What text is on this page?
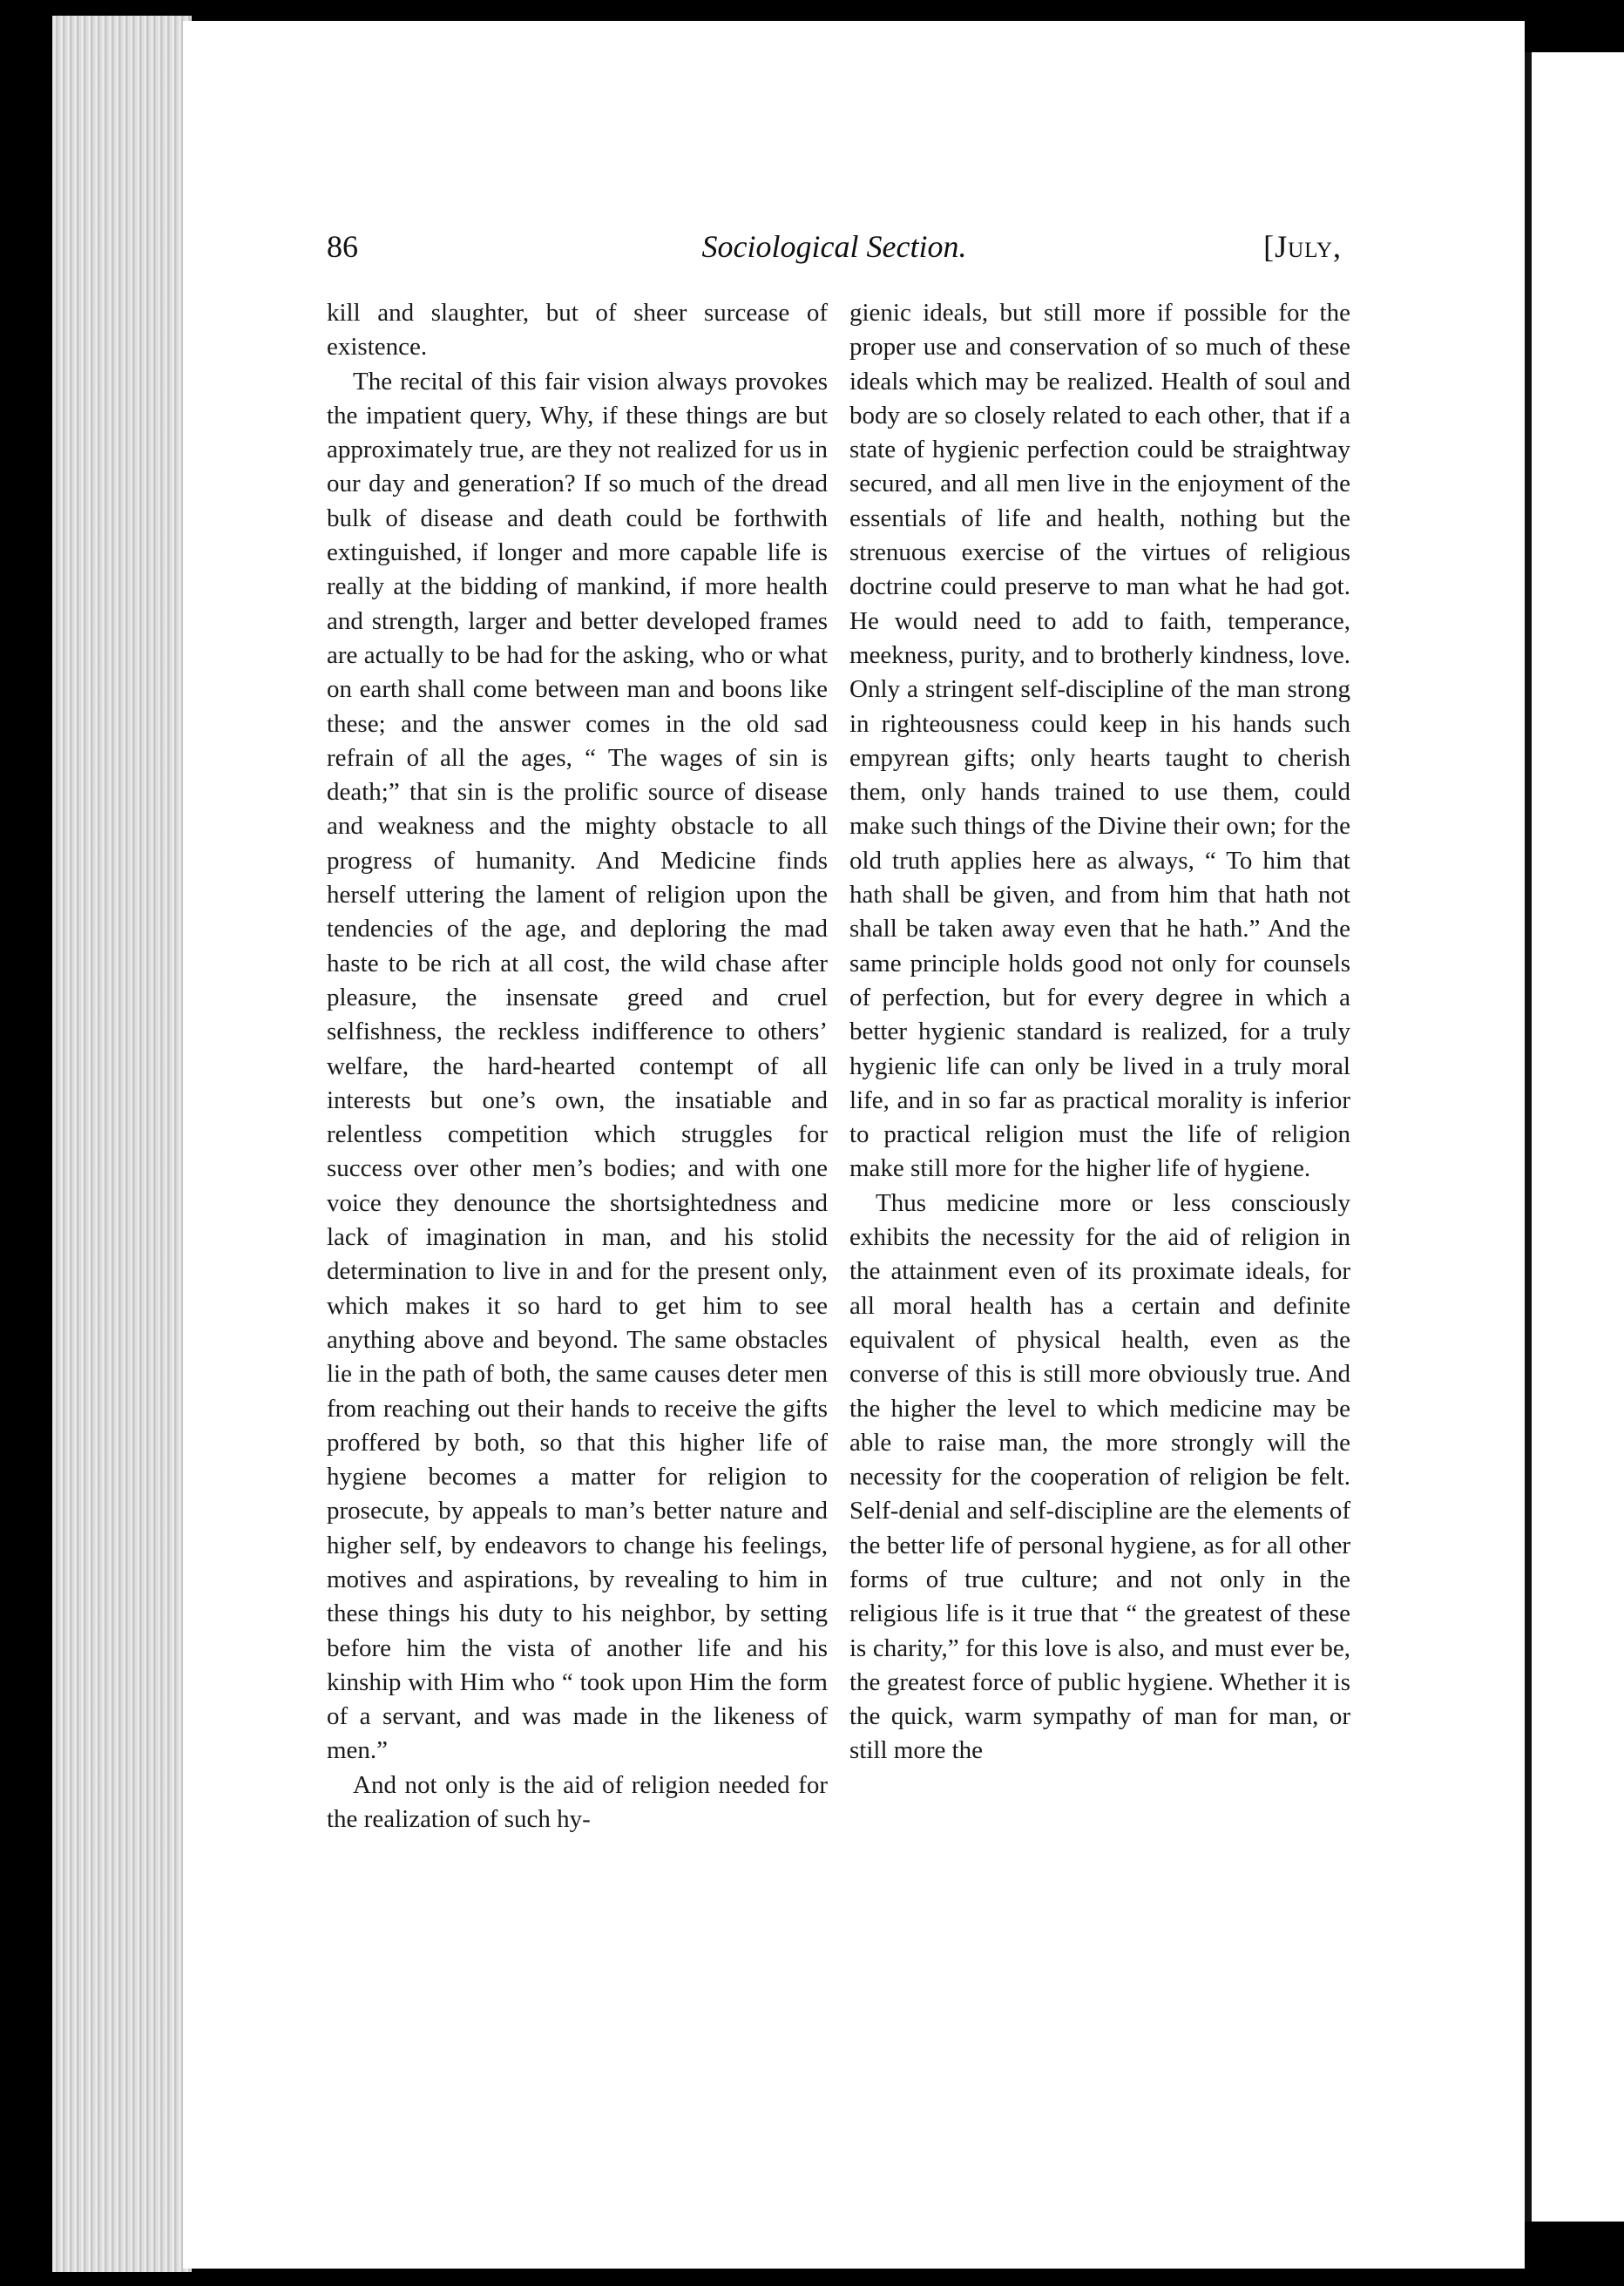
86	Sociological Section.	[July,

kill and slaughter, but of sheer surcease of existence.

The recital of this fair vision always provokes the impatient query, Why, if these things are but approximately true, are they not realized for us in our day and generation? If so much of the dread bulk of disease and death could be forthwith extinguished, if longer and more capable life is really at the bidding of mankind, if more health and strength, larger and better developed frames are actually to be had for the asking, who or what on earth shall come between man and boons like these; and the answer comes in the old sad refrain of all the ages, “ The wages of sin is death;” that sin is the prolific source of disease and weakness and the mighty obstacle to all progress of humanity. And Medicine finds herself uttering the lament of religion upon the tendencies of the age, and deploring the mad haste to be rich at all cost, the wild chase after pleasure, the insensate greed and cruel selfishness, the reckless indifference to others’ welfare, the hard-hearted contempt of all interests but one’s own, the insatiable and relentless competition which struggles for success over other men’s bodies; and with one voice they denounce the shortsightedness and lack of imagination in man, and his stolid determination to live in and for the present only, which makes it so hard to get him to see anything above and beyond. The same obstacles lie in the path of both, the same causes deter men from reaching out their hands to receive the gifts proffered by both, so that this higher life of hygiene becomes a matter for religion to prosecute, by appeals to man’s better nature and higher self, by endeavors to change his feelings, motives and aspirations, by revealing to him in these things his duty to his neighbor, by setting before him the vista of another life and his kinship with Him who “ took upon Him the form of a servant, and was made in the likeness of men.”

And not only is the aid of religion needed for the realization of such hy-

gienic ideals, but still more if possible for the proper use and conservation of so much of these ideals which may be realized. Health of soul and body are so closely related to each other, that if a state of hygienic perfection could be straightway secured, and all men live in the enjoyment of the essentials of life and health, nothing but the strenuous exercise of the virtues of religious doctrine could preserve to man what he had got. He would need to add to faith, temperance, meekness, purity, and to brotherly kindness, love. Only a stringent self-discipline of the man strong in righteousness could keep in his hands such empyrean gifts; only hearts taught to cherish them, only hands trained to use them, could make such things of the Divine their own; for the old truth applies here as always, “ To him that hath shall be given, and from him that hath not shall be taken away even that he hath.” And the same principle holds good not only for counsels of perfection, but for every degree in which a better hygienic standard is realized, for a truly hygienic life can only be lived in a truly moral life, and in so far as practical morality is inferior to practical religion must the life of religion make still more for the higher life of hygiene.

Thus medicine more or less consciously exhibits the necessity for the aid of religion in the attainment even of its proximate ideals, for all moral health has a certain and definite equivalent of physical health, even as the converse of this is still more obviously true. And the higher the level to which medicine may be able to raise man, the more strongly will the necessity for the cooperation of religion be felt. Self-denial and self-discipline are the elements of the better life of personal hygiene, as for all other forms of true culture; and not only in the religious life is it true that “ the greatest of these is charity,” for this love is also, and must ever be, the greatest force of public hygiene. Whether it is the quick, warm sympathy of man for man, or still more the
